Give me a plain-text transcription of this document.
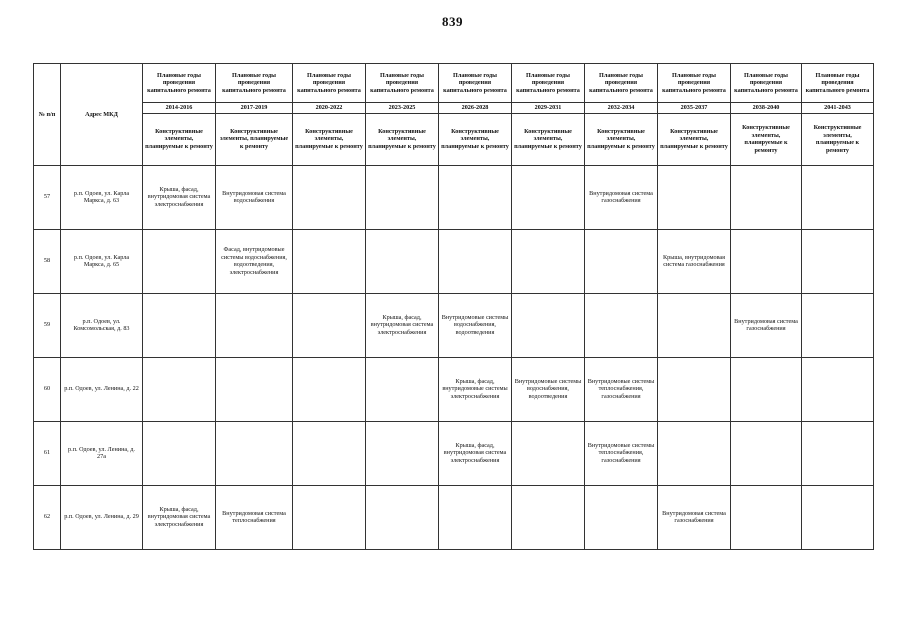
839
№ п/п	Адрес МКД	Плановые годы проведения капитального ремонта	Плановые годы проведения капитального ремонта	Плановые годы проведения капитального ремонта	Плановые годы проведения капитального ремонта	Плановые годы проведения капитального ремонта	Плановые годы проведения капитального ремонта	Плановые годы проведения капитального ремонта	Плановые годы проведения капитального ремонта	Плановые годы проведения капитального ремонта	Плановые годы проведения капитального ремонта
		2014-2016	2017-2019	2020-2022	2023-2025	2026-2028	2029-2031	2032-2034	2035-2037	2038-2040	2041-2043
		Конструктивные элементы, планируемые к ремонту	Конструктивные элементы, планируемые к ремонту	Конструктивные элементы, планируемые к ремонту	Конструктивные элементы, планируемые к ремонту	Конструктивные элементы, планируемые к ремонту	Конструктивные элементы, планируемые к ремонту	Конструктивные элементы, планируемые к ремонту	Конструктивные элементы, планируемые к ремонту	Конструктивные элементы, планируемые к ремонту	Конструктивные элементы, планируемые к ремонту
57	р.п. Одоев, ул. Карла Маркса, д. 63	Крыша, фасад, внутридомовая система электроснабжения	Внутридомовая система водоснабжения					Внутридомовая система газоснабжения			
58	р.п. Одоев, ул. Карла Маркса, д. 65		Фасад, внутридомовые системы водоснабжения, водоотведения, электроснабжения						Крыша, внутридомовая система газоснабжения		
59	р.п. Одоев, ул. Комсомольская, д. 83				Крыша, фасад, внутридомовая система электроснабжения	Внутридомовые системы водоснабжения, водоотведения				Внутридомовая система газоснабжения	
60	р.п. Одоев, ул. Ленина, д. 22					Крыша, фасад, внутридомовые системы электроснабжения	Внутридомовые системы водоснабжения, водоотведения	Внутридомовые системы теплоснабжения, газоснабжения			
61	р.п. Одоев, ул. Ленина, д. 27а					Крыша, фасад, внутридомовая система электроснабжения		Внутридомовые системы теплоснабжения, газоснабжения			
62	р.п. Одоев, ул. Ленина, д. 29	Крыша, фасад, внутридомовая система электроснабжения	Внутридомовая система теплоснабжения						Внутридомовая система газоснабжения		
